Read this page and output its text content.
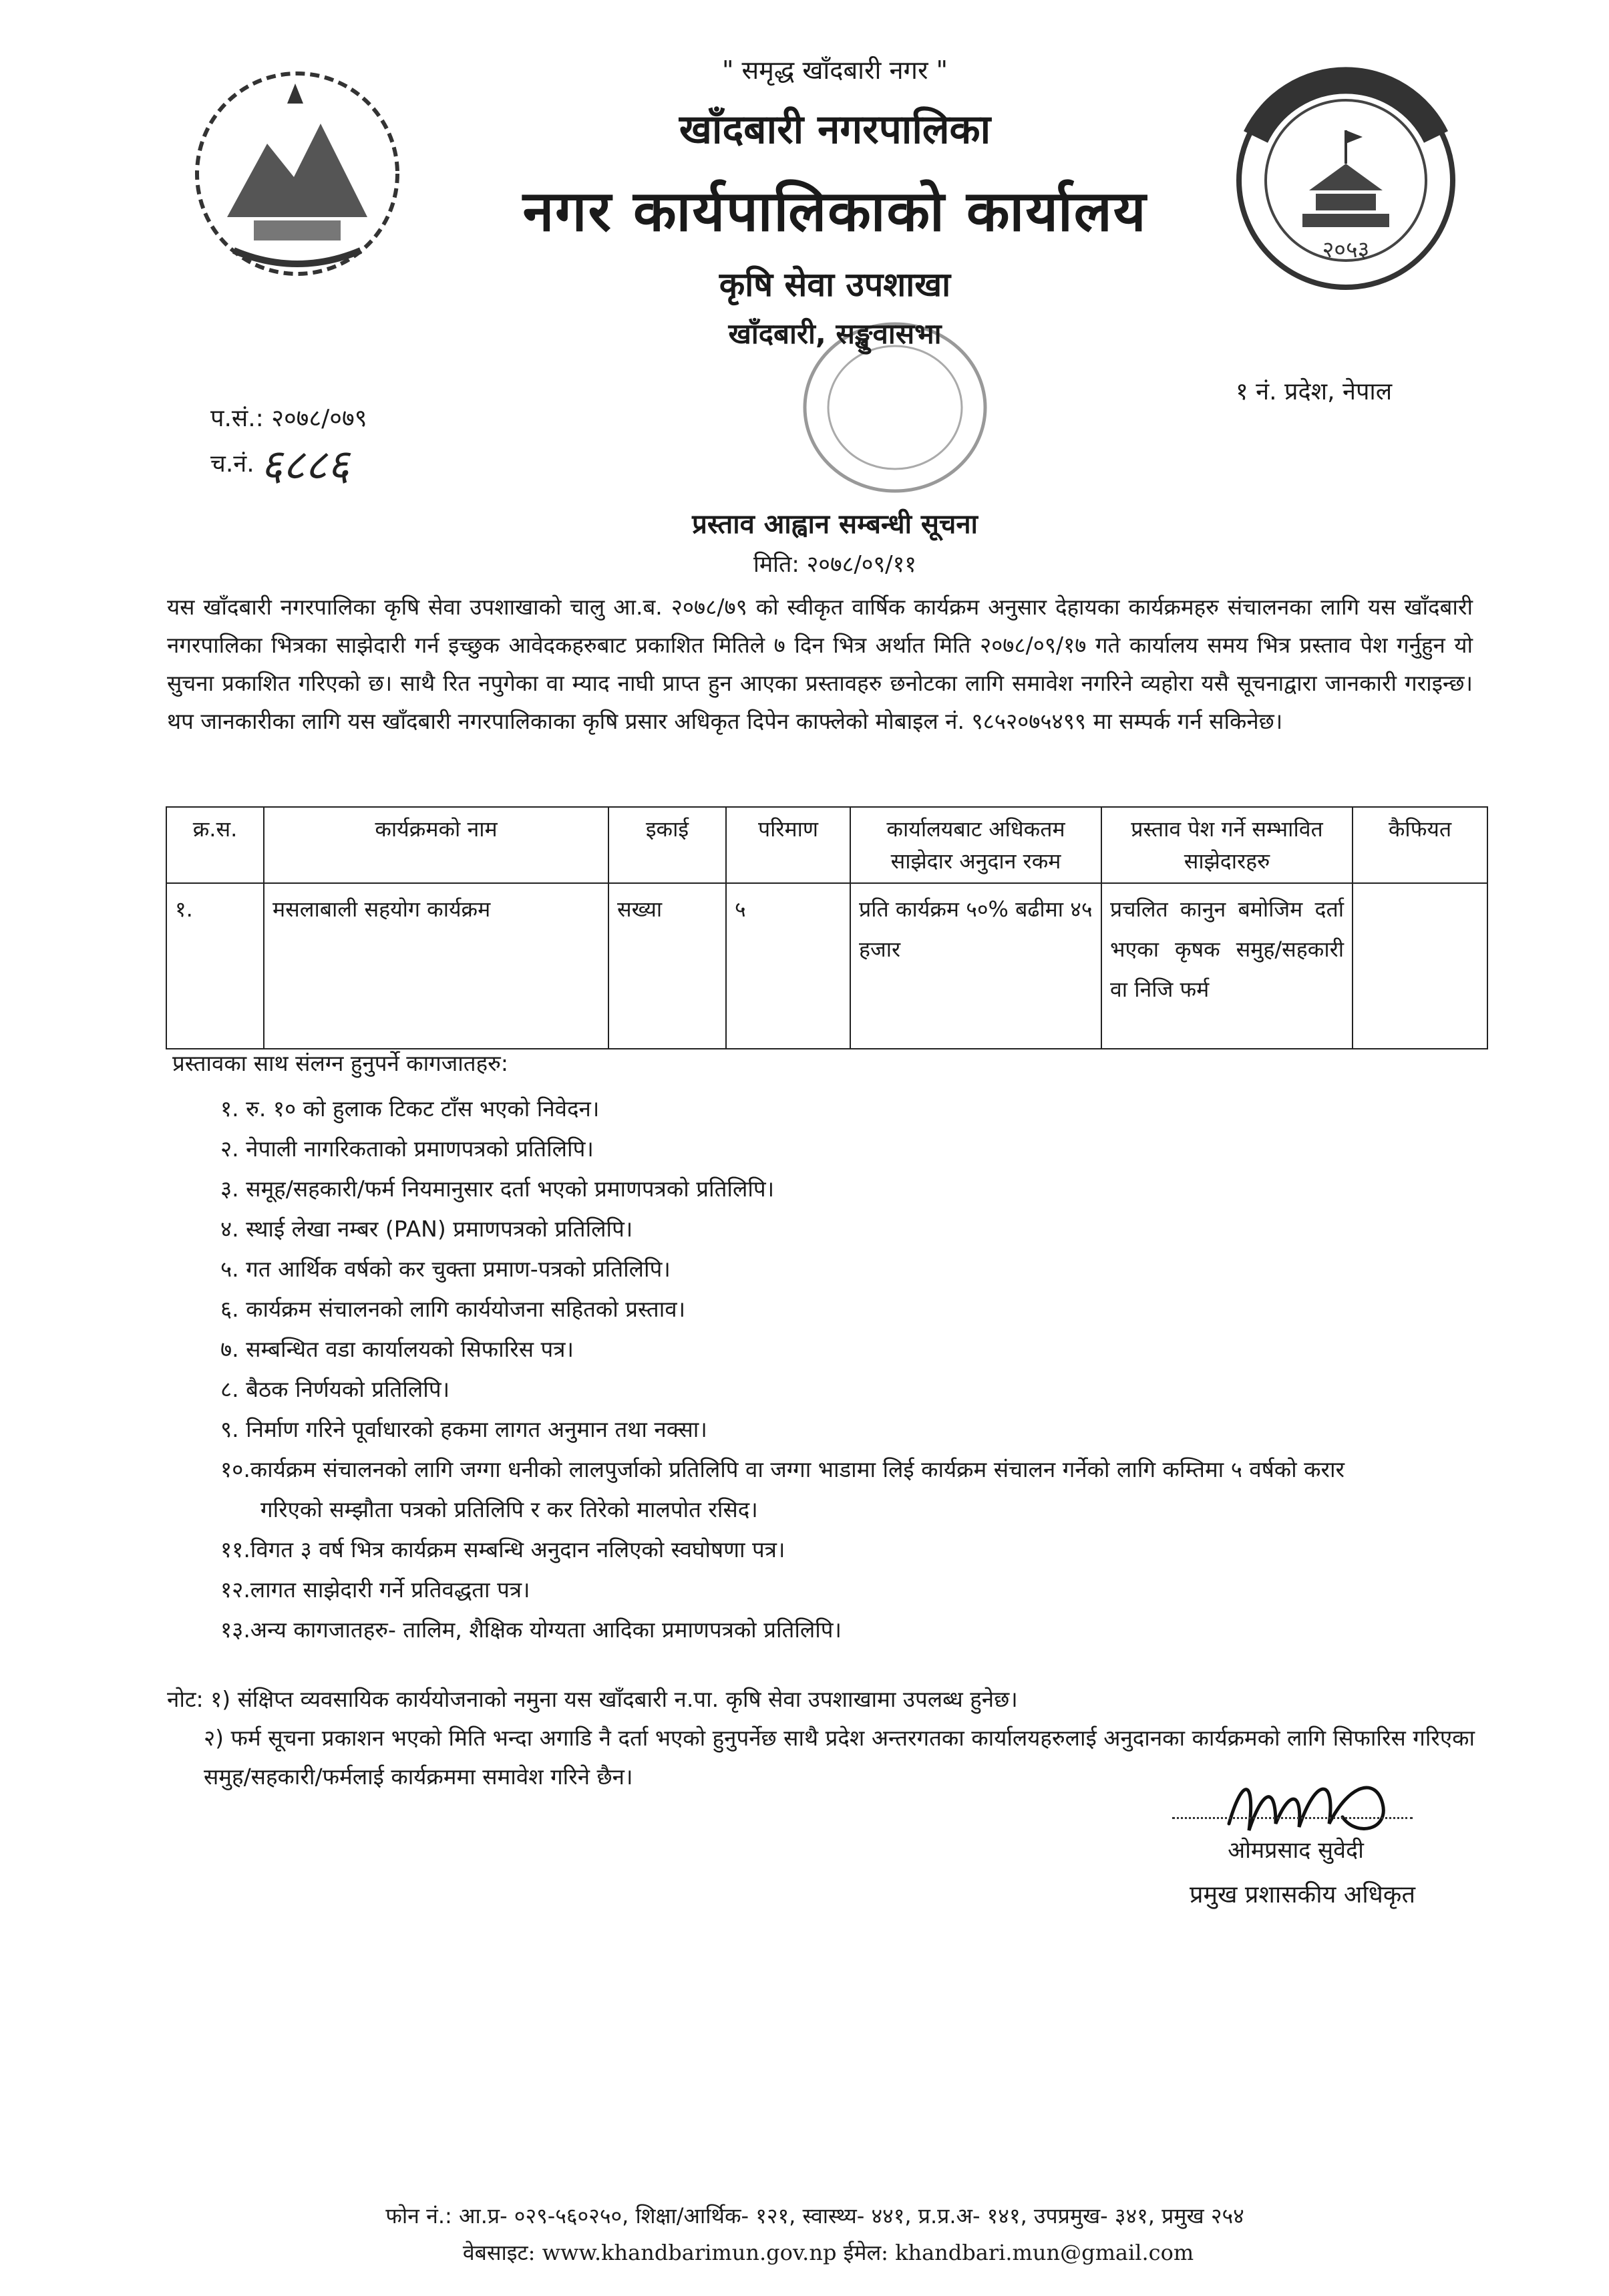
२०५३
" समृद्ध खाँदबारी नगर "
खाँदबारी नगरपालिका
नगर कार्यपालिकाको कार्यालय
कृषि सेवा उपशाखा
खाँदबारी, सङ्खुवासभा
१ नं. प्रदेश, नेपाल
प.सं.: २०७८/०७९
च.नं. ६८८६
प्रस्ताव आह्वान सम्बन्धी सूचना
मिति: २०७८/०९/११
यस खाँदबारी नगरपालिका कृषि सेवा उपशाखाको चालु आ.ब. २०७८/७९ को स्वीकृत वार्षिक कार्यक्रम अनुसार देहायका कार्यक्रमहरु संचालनका लागि यस खाँदबारी नगरपालिका भित्रका साझेदारी गर्न इच्छुक आवेदकहरुबाट प्रकाशित मितिले ७ दिन भित्र अर्थात मिति २०७८/०९/१७ गते कार्यालय समय भित्र प्रस्ताव पेश गर्नुहुन यो सुचना प्रकाशित गरिएको छ। साथै रित नपुगेका वा म्याद नाघी प्राप्त हुन आएका प्रस्तावहरु छनोटका लागि समावेश नगरिने व्यहोरा यसै सूचनाद्वारा जानकारी गराइन्छ। थप जानकारीका लागि यस खाँदबारी नगरपालिकाका कृषि प्रसार अधिकृत दिपेन काफ्लेको मोबाइल नं. ९८५२०७५४९९ मा सम्पर्क गर्न सकिनेछ।
क्र.स.	कार्यक्रमको नाम	इकाई	परिमाण	कार्यालयबाट अधिकतम साझेदार अनुदान रकम	प्रस्ताव पेश गर्ने सम्भावित साझेदारहरु	कैफियत
१.	मसलाबाली सहयोग कार्यक्रम	सख्या	५	प्रति कार्यक्रम ५०% बढीमा ४५ हजार	प्रचलित कानुन बमोजिम दर्ता भएका कृषक समुह/सहकारी वा निजि फर्म	
प्रस्तावका साथ संलग्न हुनुपर्ने कागजातहरु:
१. रु. १० को हुलाक टिकट टाँस भएको निवेदन।
२. नेपाली नागरिकताको प्रमाणपत्रको प्रतिलिपि।
३. समूह/सहकारी/फर्म नियमानुसार दर्ता भएको प्रमाणपत्रको प्रतिलिपि।
४. स्थाई लेखा नम्बर (PAN) प्रमाणपत्रको प्रतिलिपि।
५. गत आर्थिक वर्षको कर चुक्ता प्रमाण-पत्रको प्रतिलिपि।
६. कार्यक्रम संचालनको लागि कार्ययोजना सहितको प्रस्ताव।
७. सम्बन्धित वडा कार्यालयको सिफारिस पत्र।
८. बैठक निर्णयको प्रतिलिपि।
९. निर्माण गरिने पूर्वाधारको हकमा लागत अनुमान तथा नक्सा।
१०.कार्यक्रम संचालनको लागि जग्गा धनीको लालपुर्जाको प्रतिलिपि वा जग्गा भाडामा लिई कार्यक्रम संचालन गर्नेको लागि कम्तिमा ५ वर्षको करार
गरिएको सम्झौता पत्रको प्रतिलिपि र कर तिरेको मालपोत रसिद।
११.विगत ३ वर्ष भित्र कार्यक्रम सम्बन्धि अनुदान नलिएको स्वघोषणा पत्र।
१२.लागत साझेदारी गर्ने प्रतिवद्धता पत्र।
१३.अन्य कागजातहरु- तालिम, शैक्षिक योग्यता आदिका प्रमाणपत्रको प्रतिलिपि।
नोट: १) संक्षिप्त व्यवसायिक कार्ययोजनाको नमुना यस खाँदबारी न.पा. कृषि सेवा उपशाखामा उपलब्ध हुनेछ।
२) फर्म सूचना प्रकाशन भएको मिति भन्दा अगाडि नै दर्ता भएको हुनुपर्नेछ साथै प्रदेश अन्तरगतका कार्यालयहरुलाई अनुदानका कार्यक्रमको लागि सिफारिस गरिएका समुह/सहकारी/फर्मलाई कार्यक्रममा समावेश गरिने छैन।
ओमप्रसाद सुवेदी
प्रमुख प्रशासकीय अधिकृत
फोन नं.: आ.प्र- ०२९-५६०२५०, शिक्षा/आर्थिक- १२१, स्वास्थ्य- ४४१, प्र.प्र.अ- १४१, उपप्रमुख- ३४१, प्रमुख २५४
वेबसाइट: www.khandbarimun.gov.np ईमेल: khandbari.mun@gmail.com
